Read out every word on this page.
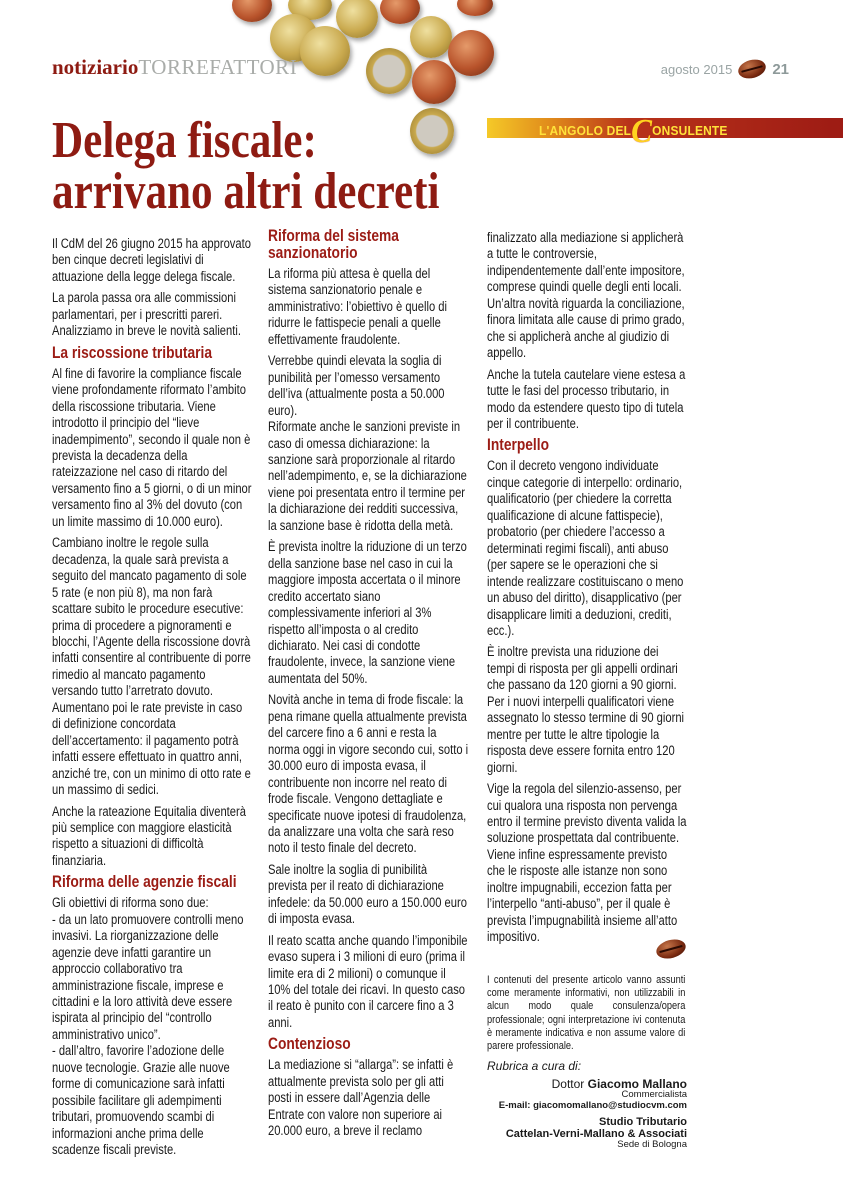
notiziarioTORREFATTORI	agosto 2015	21
L'ANGOLO DELCONSULENTE
Delega fiscale:
arrivano altri decreti

Il CdM del 26 giugno 2015 ha approvato ben cinque decreti legislativi di attuazione della legge delega fiscale.

La parola passa ora alle commissioni parlamentari, per i prescritti pareri. Analizziamo in breve le novità salienti.

La riscossione tributaria

Al fine di favorire la compliance fiscale viene profondamente riformato l’ambito della riscossione tributaria. Viene introdotto il principio del “lieve inadempimento”, secondo il quale non è prevista la decadenza della rateizzazione nel caso di ritardo del versamento fino a 5 giorni, o di un minor versamento fino al 3% del dovuto (con un limite massimo di 10.000 euro).

Cambiano inoltre le regole sulla decadenza, la quale sarà prevista a seguito del mancato pagamento di sole 5 rate (e non più 8), ma non farà scattare subito le procedure esecutive: prima di procedere a pignoramenti e blocchi, l’Agente della riscossione dovrà infatti consentire al contribuente di porre rimedio al mancato pagamento versando tutto l’arretrato dovuto.

Aumentano poi le rate previste in caso di definizione concordata dell’accertamento: il pagamento potrà infatti essere effettuato in quattro anni, anziché tre, con un minimo di otto rate e un massimo di sedici.

Anche la rateazione Equitalia diventerà più semplice con maggiore elasticità rispetto a situazioni di difficoltà finanziaria.

Riforma delle agenzie fiscali

Gli obiettivi di riforma sono due:

- da un lato promuovere controlli meno invasivi. La riorganizzazione delle agenzie deve infatti garantire un approccio collaborativo tra amministrazione fiscale, imprese e cittadini e la loro attività deve essere ispirata al principio del “controllo amministrativo unico”.

- dall’altro, favorire l’adozione delle nuove tecnologie. Grazie alle nuove forme di comunicazione sarà infatti possibile facilitare gli adempimenti tributari, promuovendo scambi di informazioni anche prima delle scadenze fiscali previste.

Riforma del sistema sanzionatorio

La riforma più attesa è quella del sistema sanzionatorio penale e amministrativo: l’obiettivo è quello di ridurre le fattispecie penali a quelle effettivamente fraudolente.

Verrebbe quindi elevata la soglia di punibilità per l’omesso versamento dell’iva (attualmente posta a 50.000 euro).

Riformate anche le sanzioni previste in caso di omessa dichiarazione: la sanzione sarà proporzionale al ritardo nell’adempimento, e, se la dichiarazione viene poi presentata entro il termine per la dichiarazione dei redditi successiva, la sanzione base è ridotta della metà.

È prevista inoltre la riduzione di un terzo della sanzione base nel caso in cui la maggiore imposta accertata o il minore credito accertato siano complessivamente inferiori al 3% rispetto all’imposta o al credito dichiarato. Nei casi di condotte fraudolente, invece, la sanzione viene aumentata del 50%.

Novità anche in tema di frode fiscale: la pena rimane quella attualmente prevista del carcere fino a 6 anni e resta la norma oggi in vigore secondo cui, sotto i 30.000 euro di imposta evasa, il contribuente non incorre nel reato di frode fiscale. Vengono dettagliate e specificate nuove ipotesi di fraudolenza, da analizzare una volta che sarà reso noto il testo finale del decreto.

Sale inoltre la soglia di punibilità prevista per il reato di dichiarazione infedele: da 50.000 euro a 150.000 euro di imposta evasa.

Il reato scatta anche quando l’imponibile evaso supera i 3 milioni di euro (prima il limite era di 2 milioni) o comunque il 10% del totale dei ricavi. In questo caso il reato è punito con il carcere fino a 3 anni.

Contenzioso

La mediazione si “allarga”: se infatti è attualmente prevista solo per gli atti posti in essere dall’Agenzia delle Entrate con valore non superiore ai 20.000 euro, a breve il reclamo

finalizzato alla mediazione si applicherà a tutte le controversie, indipendentemente dall’ente impositore, comprese quindi quelle degli enti locali.

Un’altra novità riguarda la conciliazione, finora limitata alle cause di primo grado, che si applicherà anche al giudizio di appello.

Anche la tutela cautelare viene estesa a tutte le fasi del processo tributario, in modo da estendere questo tipo di tutela per il contribuente.

Interpello

Con il decreto vengono individuate cinque categorie di interpello: ordinario, qualificatorio (per chiedere la corretta qualificazione di alcune fattispecie), probatorio (per chiedere l’accesso a determinati regimi fiscali), anti abuso (per sapere se le operazioni che si intende realizzare costituiscano o meno un abuso del diritto), disapplicativo (per disapplicare limiti a deduzioni, crediti, ecc.).

È inoltre prevista una riduzione dei tempi di risposta per gli appelli ordinari che passano da 120 giorni a 90 giorni.

Per i nuovi interpelli qualificatori viene assegnato lo stesso termine di 90 giorni mentre per tutte le altre tipologie la risposta deve essere fornita entro 120 giorni.

Vige la regola del silenzio-assenso, per cui qualora una risposta non pervenga entro il termine previsto diventa valida la soluzione prospettata dal contribuente.

Viene infine espressamente previsto che le risposte alle istanze non sono inoltre impugnabili, eccezion fatta per l’interpello “anti-abuso”, per il quale è prevista l’impugnabilità insieme all’atto impositivo.

I contenuti del presente articolo vanno assunti come meramente informativi, non utilizzabili in alcun modo quale consulenza/opera professionale; ogni interpretazione ivi contenuta è meramente indicativa e non assume valore di parere professionale.
Rubrica a cura di:
Dottor Giacomo Mallano
Commercialista
E-mail: giacomomallano@studiocvm.com
Studio Tributario
Cattelan-Verni-Mallano & Associati
Sede di Bologna
